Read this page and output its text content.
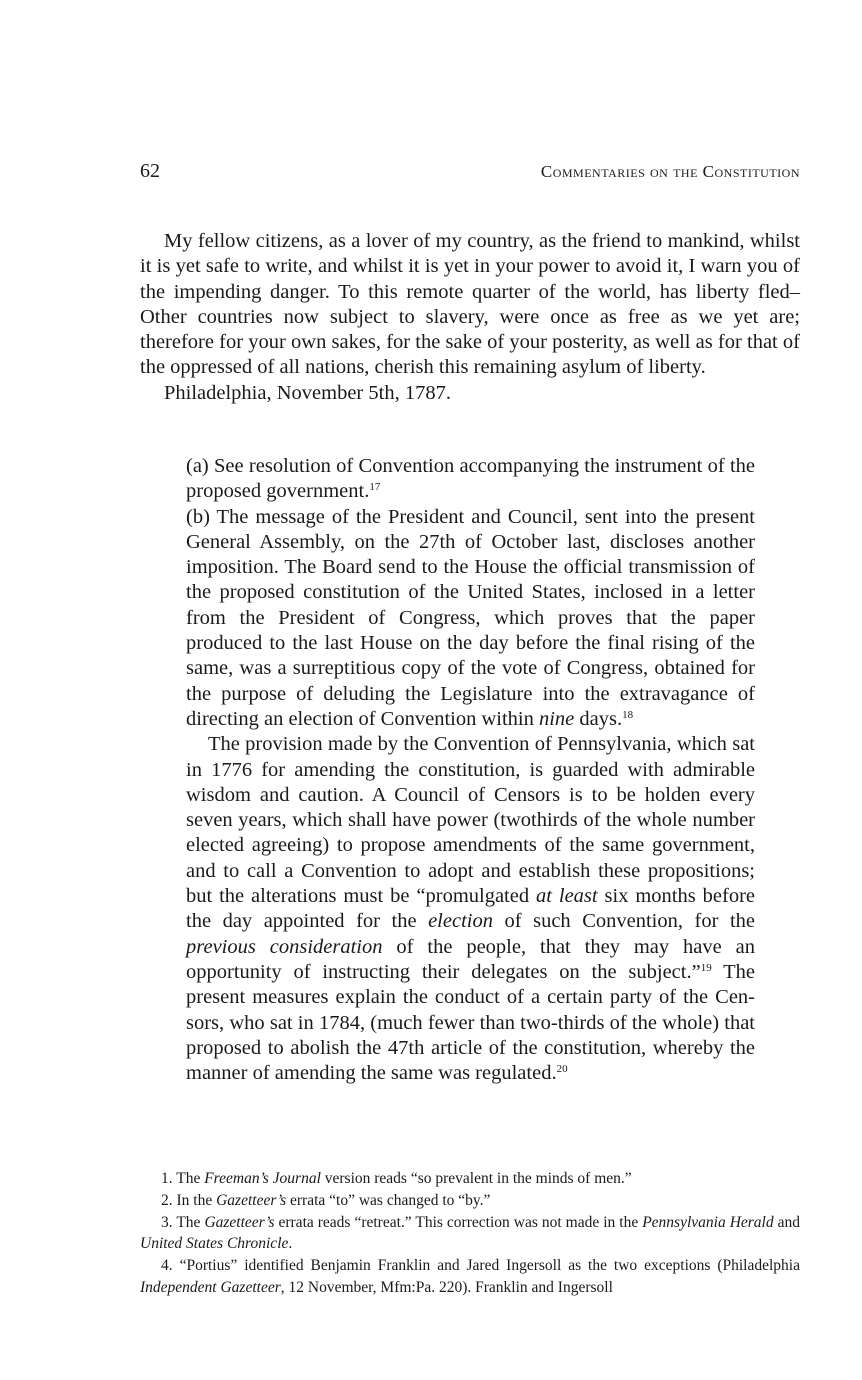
62	Commentaries on the Constitution

My fellow citizens, as a lover of my country, as the friend to mankind, whilst it is yet safe to write, and whilst it is yet in your power to avoid it, I warn you of the impending danger. To this remote quarter of the world, has liberty fled–Other countries now subject to slavery, were once as free as we yet are; therefore for your own sakes, for the sake of your posterity, as well as for that of the oppressed of all nations, cherish this remaining asylum of liberty.

Philadelphia, November 5th, 1787.

(a) See resolution of Convention accompanying the instrument of the proposed government.$^{17}$

(b) The message of the President and Council, sent into the present General Assembly, on the 27th of October last, discloses another imposition. The Board send to the House the official transmission of the proposed constitution of the United States, inclosed in a letter from the President of Congress, which proves that the paper produced to the last House on the day before the final rising of the same, was a surreptitious copy of the vote of Congress, obtained for the purpose of deluding the Legislature into the extravagance of directing an election of Convention within nine days.$^{18}$

The provision made by the Convention of Pennsylvania, which sat in 1776 for amending the constitution, is guarded with admirable wisdom and caution. A Council of Censors is to be holden every seven years, which shall have power (twothirds of the whole number elected agreeing) to propose amendments of the same government, and to call a Convention to adopt and establish these propositions; but the alterations must be “promulgated at least six months before the day appointed for the election of such Convention, for the previous consideration of the people, that they may have an opportunity of instructing their delegates on the subject.”$^{19}$ The present measures explain the conduct of a certain party of the Censors, who sat in 1784, (much fewer than two-thirds of the whole) that proposed to abolish the 47th article of the constitution, whereby the manner of amending the same was regulated.$^{20}$

1. The Freeman’s Journal version reads “so prevalent in the minds of men.”

2. In the Gazetteer’s errata “to” was changed to “by.”

3. The Gazetteer’s errata reads “retreat.” This correction was not made in the Pennsylvania Herald and United States Chronicle.

4. “Portius” identified Benjamin Franklin and Jared Ingersoll as the two exceptions (Philadelphia Independent Gazetteer, 12 November, Mfm:Pa. 220). Franklin and Ingersoll
